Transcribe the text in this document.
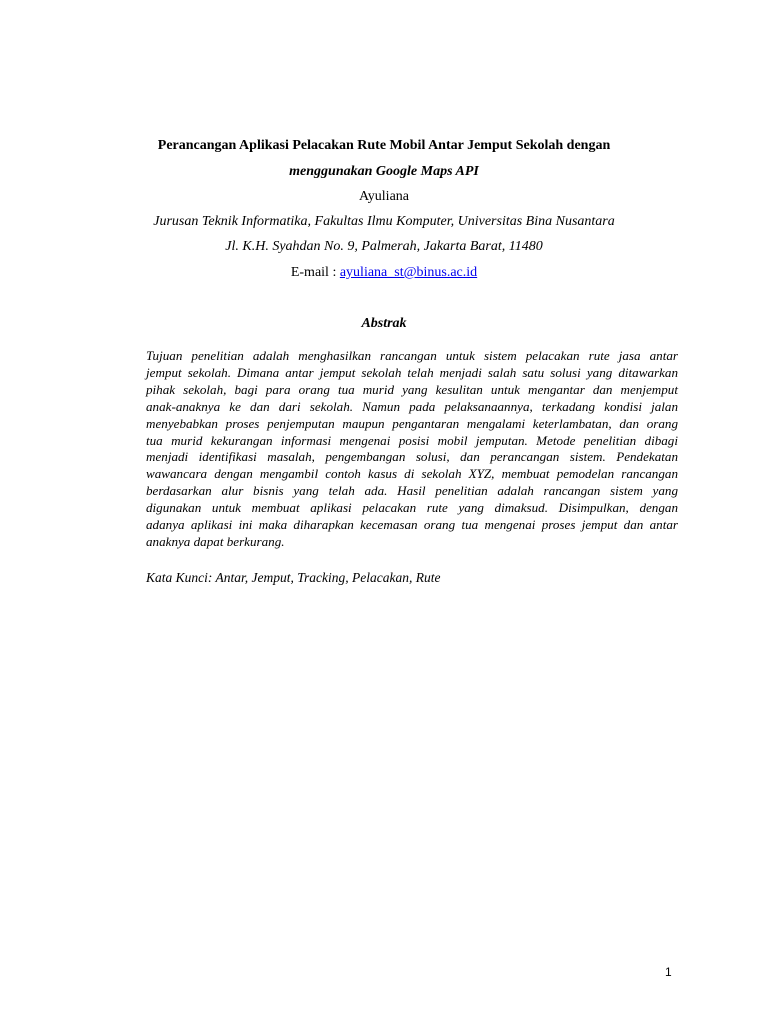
Perancangan Aplikasi Pelacakan Rute Mobil Antar Jemput Sekolah dengan
menggunakan Google Maps API
Ayuliana
Jurusan Teknik Informatika, Fakultas Ilmu Komputer, Universitas Bina Nusantara
Jl. K.H. Syahdan No. 9, Palmerah, Jakarta Barat, 11480
E-mail : ayuliana_st@binus.ac.id
Abstrak
Tujuan penelitian adalah menghasilkan rancangan untuk sistem pelacakan rute jasa antar
jemput sekolah. Dimana antar jemput sekolah telah menjadi salah satu solusi yang ditawarkan
pihak sekolah, bagi para orang tua murid yang kesulitan untuk mengantar dan menjemput
anak-anaknya ke dan dari sekolah. Namun pada pelaksanaannya, terkadang kondisi jalan
menyebabkan proses penjemputan maupun pengantaran mengalami keterlambatan, dan orang
tua murid kekurangan informasi mengenai posisi mobil jemputan. Metode penelitian dibagi
menjadi identifikasi masalah, pengembangan solusi, dan perancangan sistem. Pendekatan
wawancara dengan mengambil contoh kasus di sekolah XYZ, membuat pemodelan rancangan
berdasarkan alur bisnis yang telah ada. Hasil penelitian adalah rancangan sistem yang
digunakan untuk membuat aplikasi pelacakan rute yang dimaksud. Disimpulkan, dengan
adanya aplikasi ini maka diharapkan kecemasan orang tua mengenai proses jemput dan antar
anaknya dapat berkurang.
Kata Kunci: Antar, Jemput, Tracking, Pelacakan, Rute
1
